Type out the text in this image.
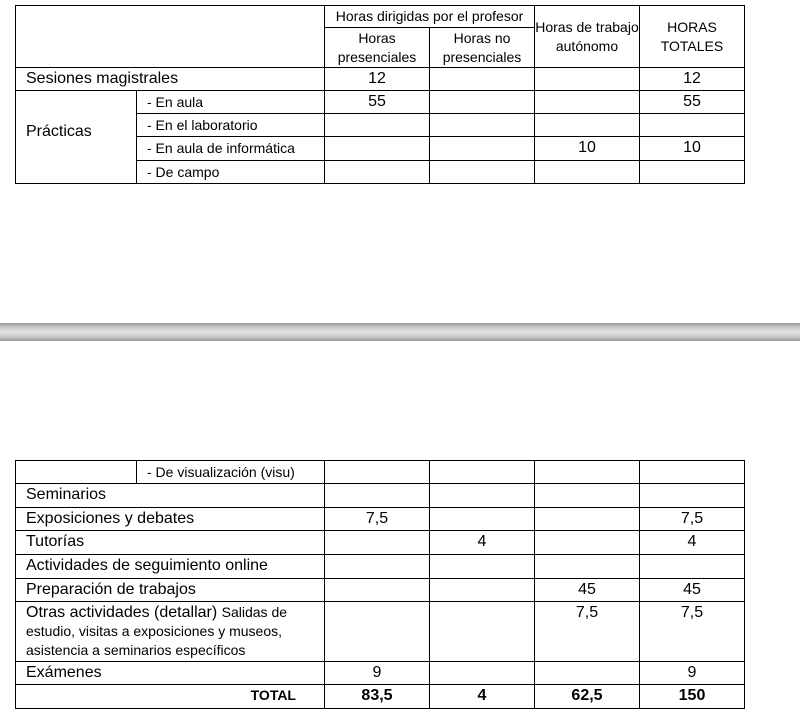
		Horas dirigidas por el profesor		Horas de trabajo autónomo	HORAS TOTALES
		Horas presenciales	Horas no presenciales		
Sesiones magistrales		12			12
Prácticas	- En aula	55			55
	- En el laboratorio				
	- En aula de informática			10	10
	- De campo				
	- De visualización (visu)				
Seminarios					
Exposiciones y debates		7,5			7,5
Tutorías			4		4
Actividades de seguimiento online					
Preparación de trabajos				45	45
Otras actividades (detallar) Salidas de estudio, visitas a exposiciones y museos, asistencia a seminarios específicos				7,5	7,5
Exámenes		9			9
TOTAL		83,5	4	62,5	150
